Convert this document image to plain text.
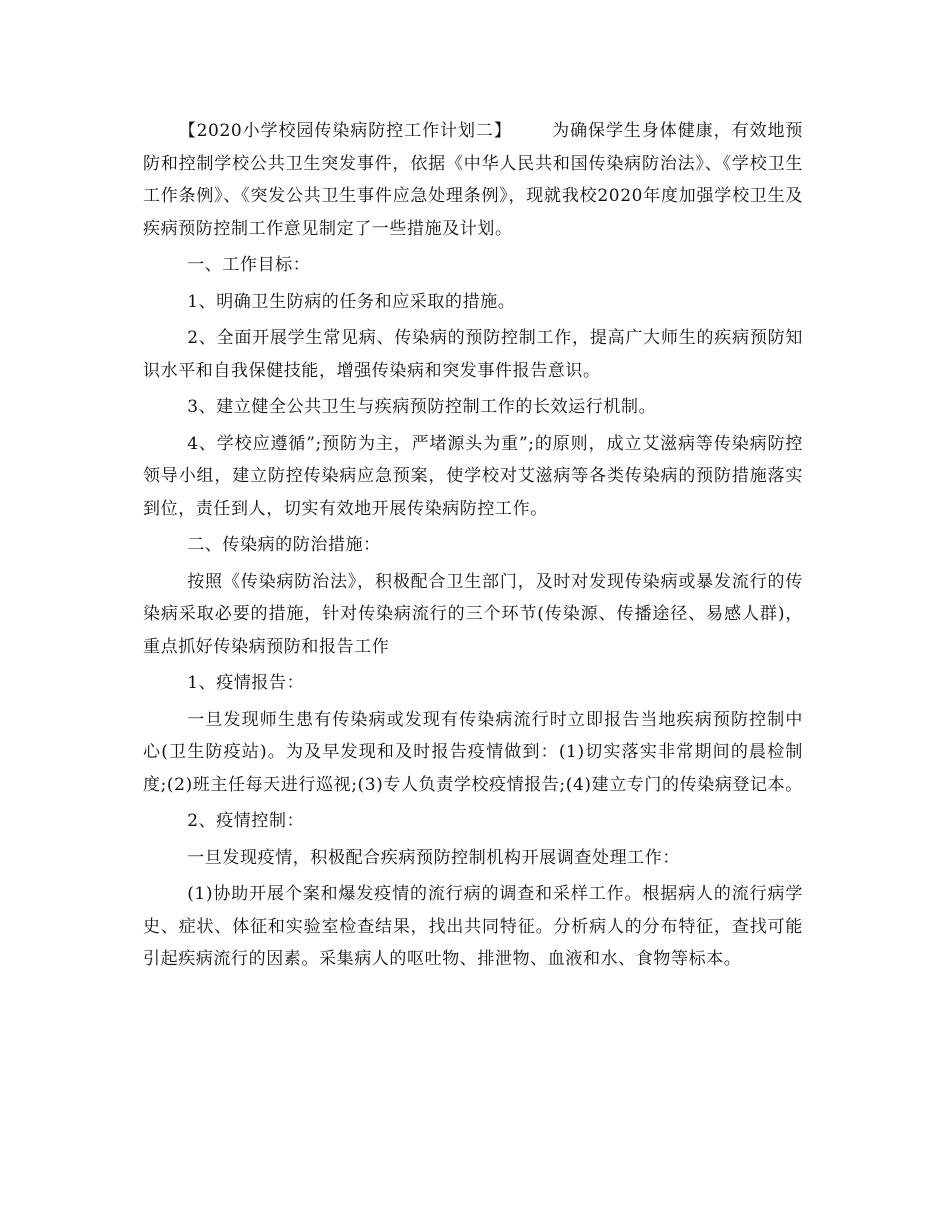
【2020小学校园传染病防控工作计划二】 为确保学生身体健康，有效地预防和控制学校公共卫生突发事件，依据《中华人民共和国传染病防治法》、《学校卫生工作条例》、《突发公共卫生事件应急处理条例》，现就我校2020年度加强学校卫生及疾病预防控制工作意见制定了一些措施及计划。

一、工作目标：

1、明确卫生防病的任务和应采取的措施。

2、全面开展学生常见病、传染病的预防控制工作，提高广大师生的疾病预防知识水平和自我保健技能，增强传染病和突发事件报告意识。

3、建立健全公共卫生与疾病预防控制工作的长效运行机制。

4、学校应遵循”;预防为主，严堵源头为重”;的原则，成立艾滋病等传染病防控领导小组，建立防控传染病应急预案，使学校对艾滋病等各类传染病的预防措施落实到位，责任到人，切实有效地开展传染病防控工作。

二、传染病的防治措施：

按照《传染病防治法》，积极配合卫生部门，及时对发现传染病或暴发流行的传染病采取必要的措施，针对传染病流行的三个环节(传染源、传播途径、易感人群)，重点抓好传染病预防和报告工作

1、疫情报告：

一旦发现师生患有传染病或发现有传染病流行时立即报告当地疾病预防控制中心(卫生防疫站)。为及早发现和及时报告疫情做到：(1)切实落实非常期间的晨检制度;(2)班主任每天进行巡视;(3)专人负责学校疫情报告;(4)建立专门的传染病登记本。

2、疫情控制：

一旦发现疫情，积极配合疾病预防控制机构开展调查处理工作：

(1)协助开展个案和爆发疫情的流行病的调查和采样工作。根据病人的流行病学史、症状、体征和实验室检查结果，找出共同特征。分析病人的分布特征，查找可能引起疾病流行的因素。采集病人的呕吐物、排泄物、血液和水、食物等标本。
